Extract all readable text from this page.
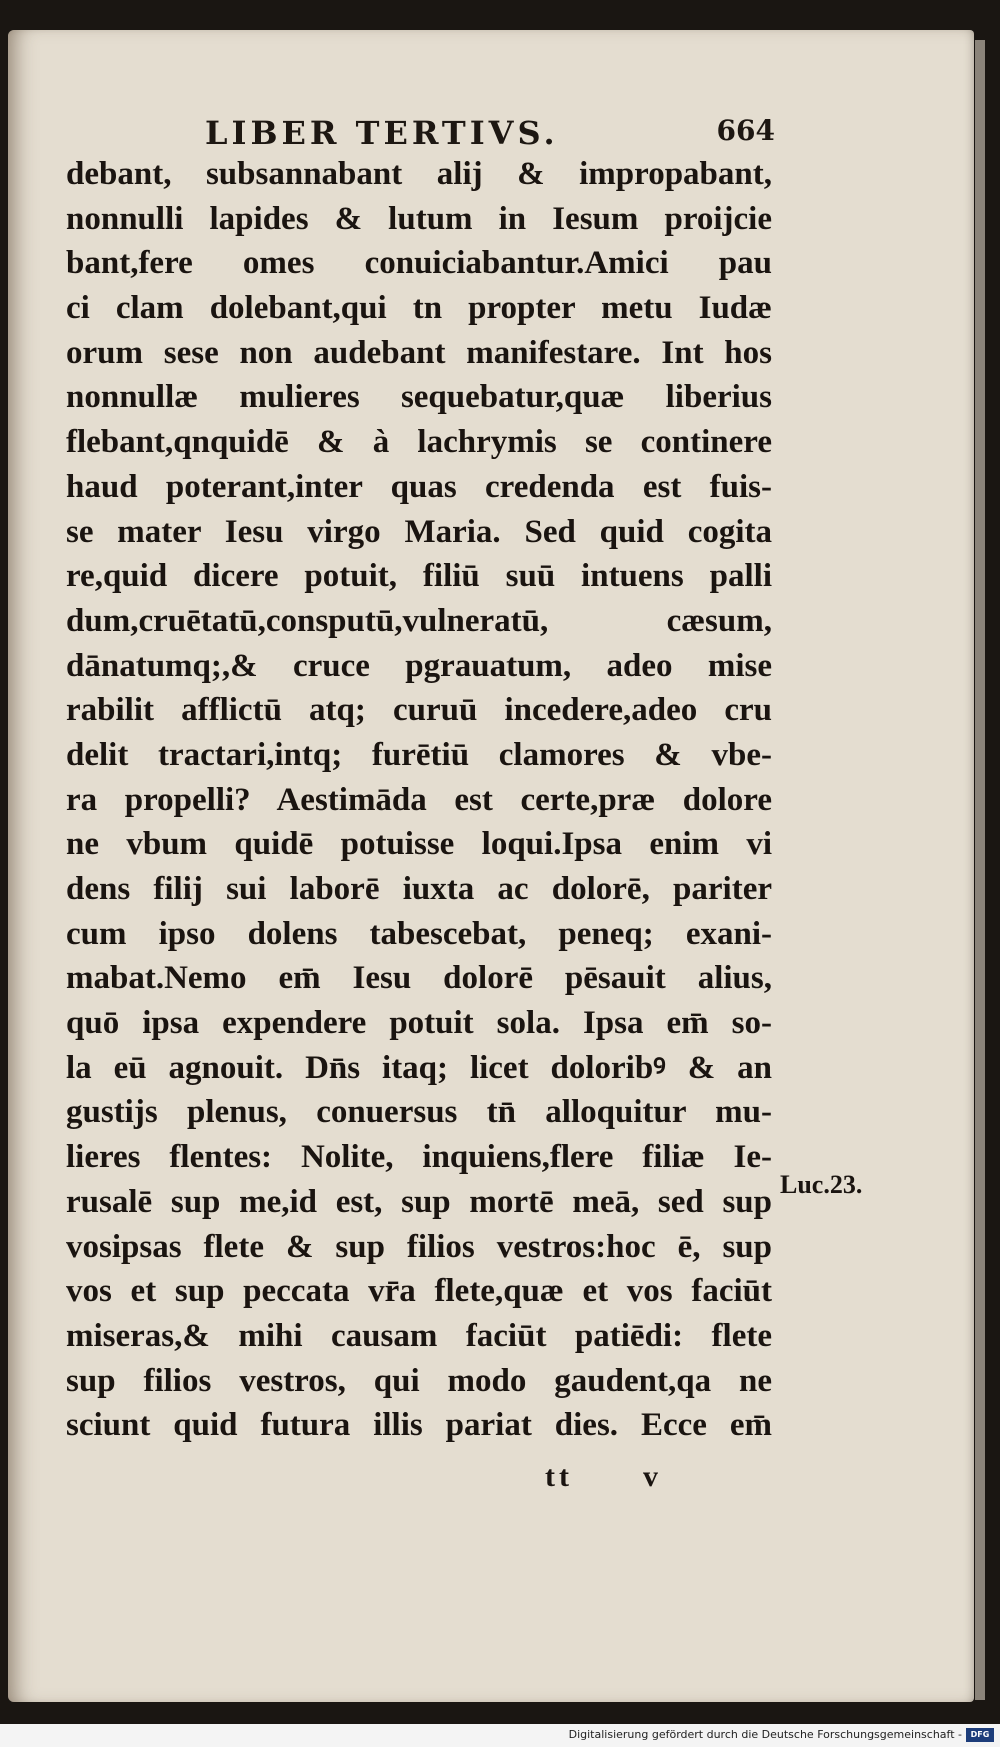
LIBER TERTIVS.	664
debant, subsannabant alij & impropabant,
nonnulli lapides & lutum in Iesum proijcie
bant,fere omes conuiciabantur.Amici pau
ci clam dolebant,qui tn propter metu Iudæ
orum sese non audebant manifestare. Int hos
nonnullæ mulieres sequebatur,quæ liberius
flebant,qnquidē & à lachrymis se continere
haud poterant,inter quas credenda est fuis-
se mater Iesu virgo Maria. Sed quid cogita
re,quid dicere potuit, filiū suū intuens palli
dum,cruētatū,consputū,vulneratū, cæsum,
dānatumq;,& cruce pgrauatum, adeo mise
rabilit afflictū atq; curuū incedere,adeo cru
delit tractari,intq; furētiū clamores & vbe-
ra propelli? Aestimāda est certe,præ dolore
ne vbum quidē potuisse loqui.Ipsa enim vi
dens filij sui laborē iuxta ac dolorē, pariter
cum ipso dolens tabescebat, peneq; exani-
mabat.Nemo em̄ Iesu dolorē pēsauit alius,
quō ipsa expendere potuit sola. Ipsa em̄ so-
la eū agnouit. Dn̄s itaq; licet doloribꝰ & an
gustijs plenus, conuersus tn̄ alloquitur mu-
lieres flentes: Nolite, inquiens,flere filiæ Ie-
rusalē sup me,id est, sup mortē meā, sed sup
vosipsas flete & sup filios vestros:hoc ē, sup
vos et sup peccata vr̄a flete,quæ et vos faciūt
miseras,& mihi causam faciūt patiēdi: flete
sup filios vestros, qui modo gaudent,qa ne
sciunt quid futura illis pariat dies. Ecce em̄
Luc.23.
tt v
Digitalisierung gefördert durch die Deutsche Forschungsgemeinschaft -	DFG
